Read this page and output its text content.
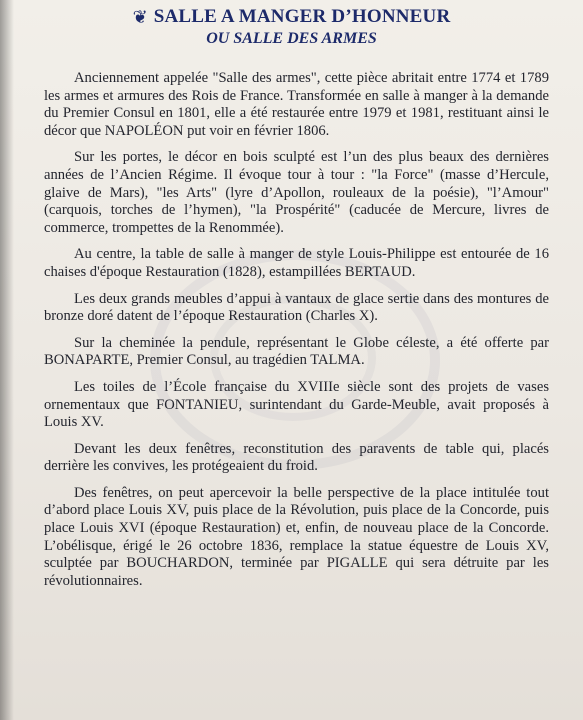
❦ SALLE A MANGER D’HONNEUR
OU SALLE DES ARMES

Anciennement appelée "Salle des armes", cette pièce abritait entre 1774 et 1789 les armes et armures des Rois de France. Transformée en salle à manger à la demande du Premier Consul en 1801, elle a été restaurée entre 1979 et 1981, restituant ainsi le décor que NAPOLÉON put voir en février 1806.

Sur les portes, le décor en bois sculpté est l’un des plus beaux des dernières années de l’Ancien Régime. Il évoque tour à tour : "la Force" (masse d’Hercule, glaive de Mars), "les Arts" (lyre d’Apollon, rouleaux de la poésie), "l’Amour" (carquois, torches de l’hymen), "la Prospérité" (caducée de Mercure, livres de commerce, trompettes de la Renommée).

Au centre, la table de salle à manger de style Louis-Philippe est entourée de 16 chaises d'époque Restauration (1828), estampillées BERTAUD.

Les deux grands meubles d’appui à vantaux de glace sertie dans des montures de bronze doré datent de l’époque Restauration (Charles X).

Sur la cheminée la pendule, représentant le Globe céleste, a été offerte par BONAPARTE, Premier Consul, au tragédien TALMA.

Les toiles de l’École française du XVIIIe siècle sont des projets de vases ornementaux que FONTANIEU, surintendant du Garde-Meuble, avait proposés à Louis XV.

Devant les deux fenêtres, reconstitution des paravents de table qui, placés derrière les convives, les protégeaient du froid.

Des fenêtres, on peut apercevoir la belle perspective de la place intitulée tout d’abord place Louis XV, puis place de la Révolution, puis place de la Concorde, puis place Louis XVI (époque Restauration) et, enfin, de nouveau place de la Concorde. L’obélisque, érigé le 26 octobre 1836, remplace la statue équestre de Louis XV, sculptée par BOUCHARDON, terminée par PIGALLE qui sera détruite par les révolutionnaires.
